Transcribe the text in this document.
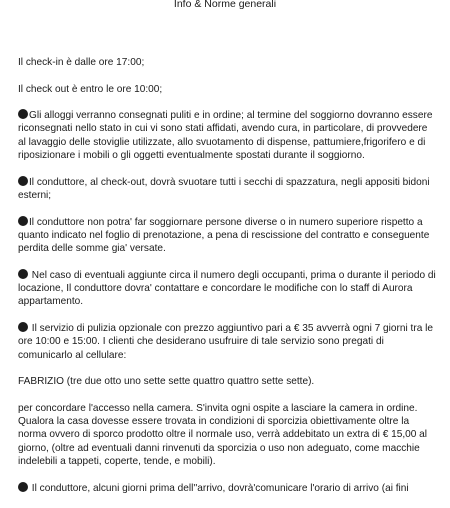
Info & Norme generali

Il check-in è dalle ore 17:00;

Il check out è entro le ore 10:00;

Gli alloggi verranno consegnati puliti e in ordine; al termine del soggiorno dovranno essere riconsegnati nello stato in cui vi sono stati affidati, avendo cura, in particolare, di provvedere al lavaggio delle stoviglie utilizzate, allo svuotamento di dispense, pattumiere,frigorifero e di riposizionare i mobili o gli oggetti eventualmente spostati durante il soggiorno.

Il conduttore, al check-out, dovrà svuotare tutti i secchi di spazzatura, negli appositi bidoni esterni;

Il conduttore non potra' far soggiornare persone diverse o in numero superiore rispetto a quanto indicato nel foglio di prenotazione, a pena di rescissione del contratto e conseguente perdita delle somme gia' versate.

Nel caso di eventuali aggiunte circa il numero degli occupanti, prima o durante il periodo di locazione, Il conduttore dovra' contattare e concordare le modifiche con lo staff di Aurora appartamento.

Il servizio di pulizia opzionale con prezzo aggiuntivo pari a € 35 avverrà ogni 7 giorni tra le ore 10:00 e 15:00. I clienti che desiderano usufruire di tale servizio sono pregati di comunicarlo al cellulare:

FABRIZIO (tre due otto uno sette sette quattro quattro sette sette).

per concordare l'accesso nella camera. S'invita ogni ospite a lasciare la camera in ordine. Qualora la casa dovesse essere trovata in condizioni di sporcizia obiettivamente oltre la norma ovvero di sporco prodotto oltre il normale uso, verrà addebitato un extra di € 15,00 al giorno, (oltre ad eventuali danni rinvenuti da sporcizia o uso non adeguato, come macchie indelebili a tappeti, coperte, tende, e mobili).

Il conduttore, alcuni giorni prima dell''arrivo, dovrà'comunicare l'orario di arrivo (ai fini
